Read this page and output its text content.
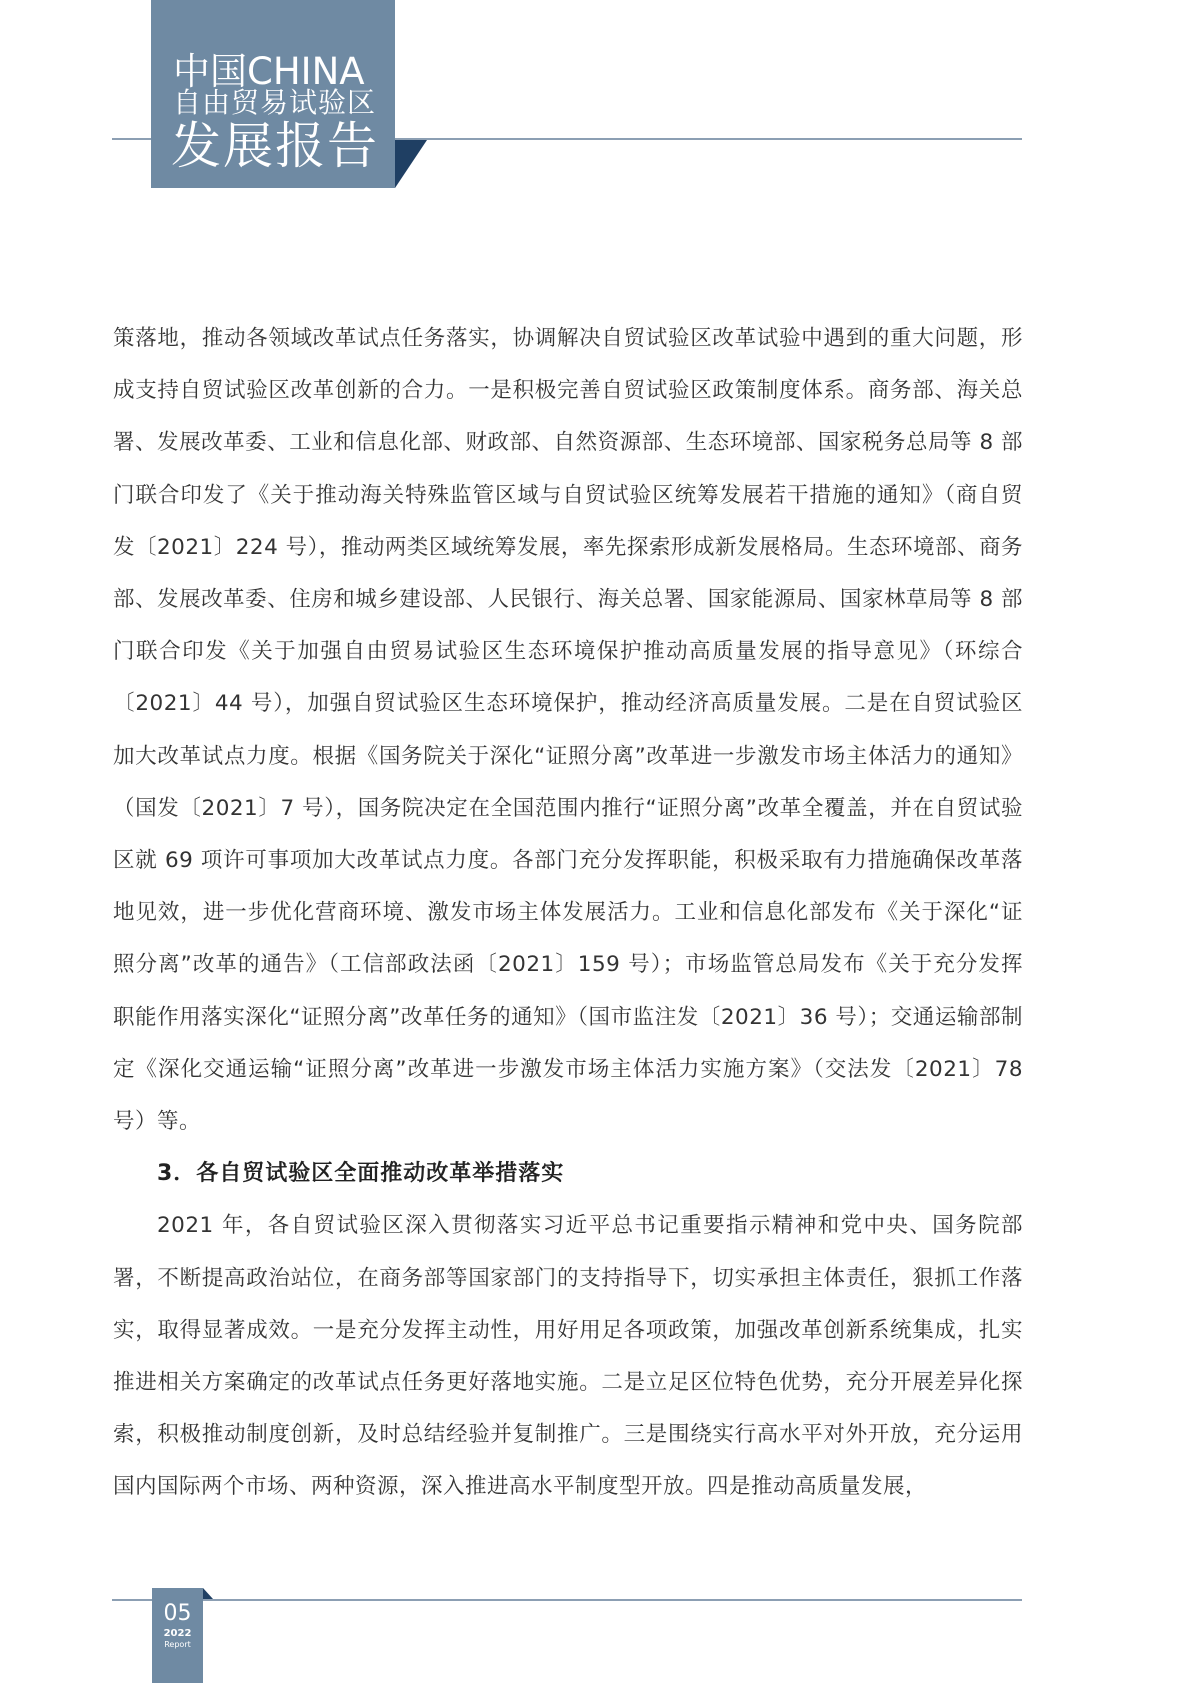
中国CHINA
自由贸易试验区
发展报告

策落地，推动各领域改革试点任务落实，协调解决自贸试验区改革试验中遇到的重大问题，形成支持自贸试验区改革创新的合力。一是积极完善自贸试验区政策制度体系。商务部、海关总署、发展改革委、工业和信息化部、财政部、自然资源部、生态环境部、国家税务总局等 8 部门联合印发了《关于推动海关特殊监管区域与自贸试验区统筹发展若干措施的通知》（商自贸发〔2021〕224 号），推动两类区域统筹发展，率先探索形成新发展格局。生态环境部、商务部、发展改革委、住房和城乡建设部、人民银行、海关总署、国家能源局、国家林草局等 8 部门联合印发《关于加强自由贸易试验区生态环境保护推动高质量发展的指导意见》（环综合〔2021〕44 号），加强自贸试验区生态环境保护，推动经济高质量发展。二是在自贸试验区加大改革试点力度。根据《国务院关于深化“证照分离”改革进一步激发市场主体活力的通知》（国发〔2021〕7 号），国务院决定在全国范围内推行“证照分离”改革全覆盖，并在自贸试验区就 69 项许可事项加大改革试点力度。各部门充分发挥职能，积极采取有力措施确保改革落地见效，进一步优化营商环境、激发市场主体发展活力。工业和信息化部发布《关于深化“证照分离”改革的通告》（工信部政法函〔2021〕159 号）；市场监管总局发布《关于充分发挥职能作用落实深化“证照分离”改革任务的通知》（国市监注发〔2021〕36 号）；交通运输部制定《深化交通运输“证照分离”改革进一步激发市场主体活力实施方案》（交法发〔2021〕78 号）等。

3．各自贸试验区全面推动改革举措落实

2021 年，各自贸试验区深入贯彻落实习近平总书记重要指示精神和党中央、国务院部署，不断提高政治站位，在商务部等国家部门的支持指导下，切实承担主体责任，狠抓工作落实，取得显著成效。一是充分发挥主动性，用好用足各项政策，加强改革创新系统集成，扎实推进相关方案确定的改革试点任务更好落地实施。二是立足区位特色优势，充分开展差异化探索，积极推动制度创新，及时总结经验并复制推广。三是围绕实行高水平对外开放，充分运用国内国际两个市场、两种资源，深入推进高水平制度型开放。四是推动高质量发展，

05
2022
Report
